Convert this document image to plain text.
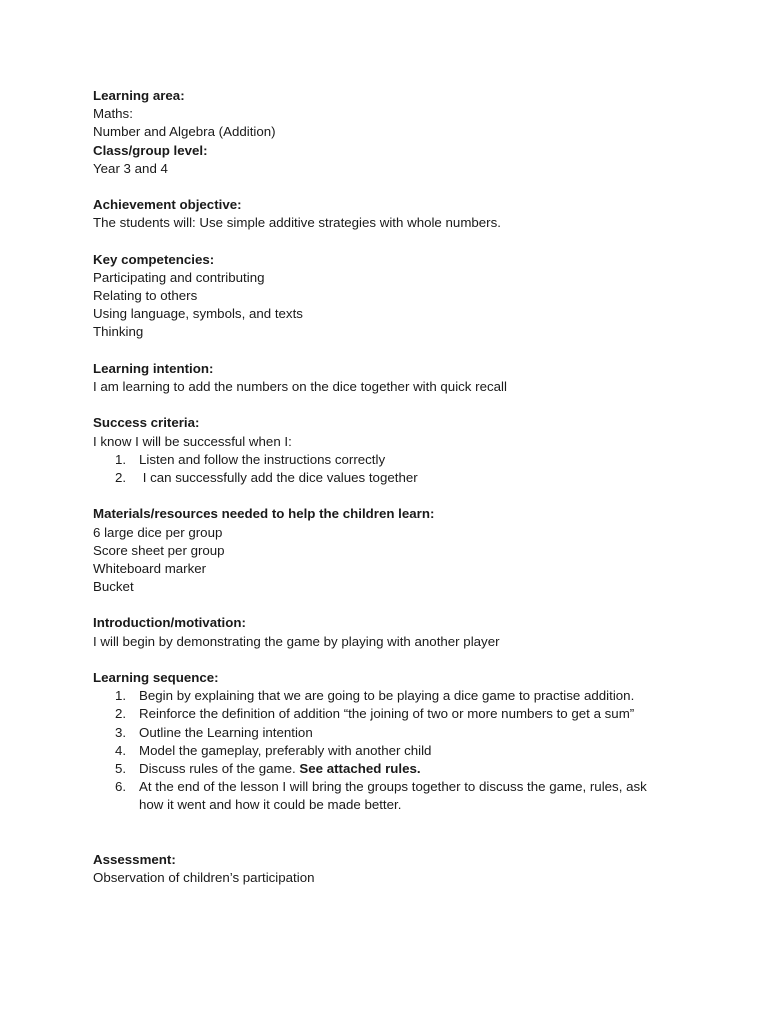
Learning area:
Maths:
Number and Algebra (Addition)
Class/group level:
Year 3 and 4
Achievement objective:
The students will: Use simple additive strategies with whole numbers.
Key competencies:
Participating and contributing
Relating to others
Using language, symbols, and texts
Thinking
Learning intention:
I am learning to add the numbers on the dice together with quick recall
Success criteria:
I know I will be successful when I:
1. Listen and follow the instructions correctly
2. I can successfully add the dice values together
Materials/resources needed to help the children learn:
6 large dice per group
Score sheet per group
Whiteboard marker
Bucket
Introduction/motivation:
I will begin by demonstrating the game by playing with another player
Learning sequence:
1. Begin by explaining that we are going to be playing a dice game to practise addition.
2. Reinforce the definition of addition “the joining of two or more numbers to get a sum”
3. Outline the Learning intention
4. Model the gameplay, preferably with another child
5. Discuss rules of the game. See attached rules.
6. At the end of the lesson I will bring the groups together to discuss the game, rules, ask how it went and how it could be made better.
Assessment:
Observation of children’s participation
